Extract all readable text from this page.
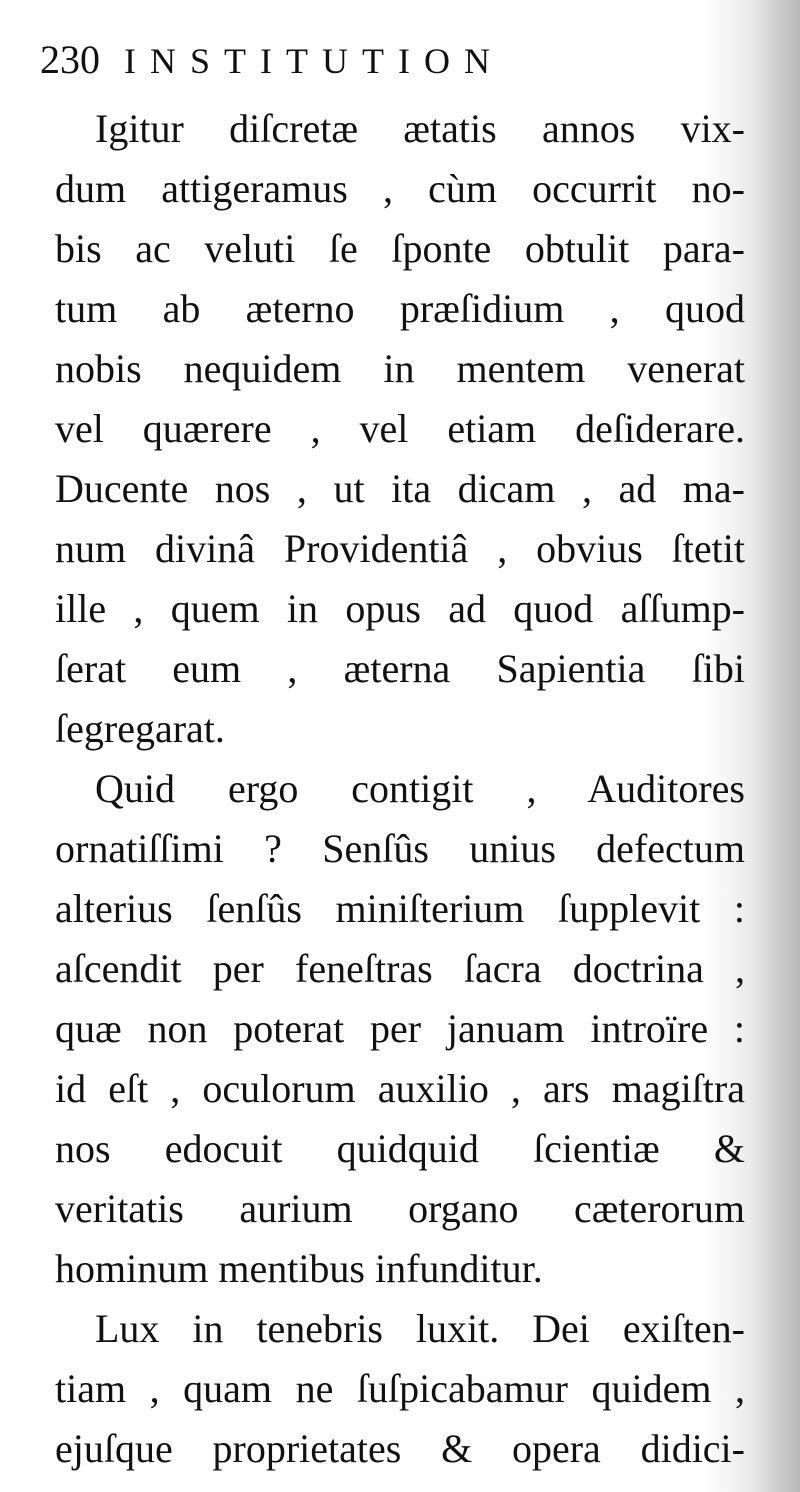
230 INSTITUTION
Igitur diſcretæ ætatis annos vix-
dum attigeramus , cùm occurrit no-
bis ac veluti ſe ſponte obtulit para-
tum ab æterno præſidium , quod
nobis nequidem in mentem venerat
vel quærere , vel etiam deſiderare.
Ducente nos , ut ita dicam , ad ma-
num divinâ Providentiâ , obvius ſtetit
ille , quem in opus ad quod aſſump-
ſerat eum , æterna Sapientia ſibi
ſegregarat.
Quid ergo contigit , Auditores
ornatiſſimi ? Senſûs unius defectum
alterius ſenſûs miniſterium ſupplevit :
aſcendit per feneſtras ſacra doctrina ,
quæ non poterat per januam introïre :
id eſt , oculorum auxilio , ars magiſtra
nos edocuit quidquid ſcientiæ &
veritatis aurium organo cæterorum
hominum mentibus infunditur.
Lux in tenebris luxit. Dei exiſten-
tiam , quam ne ſuſpicabamur quidem ,
ejuſque proprietates & opera didici-
